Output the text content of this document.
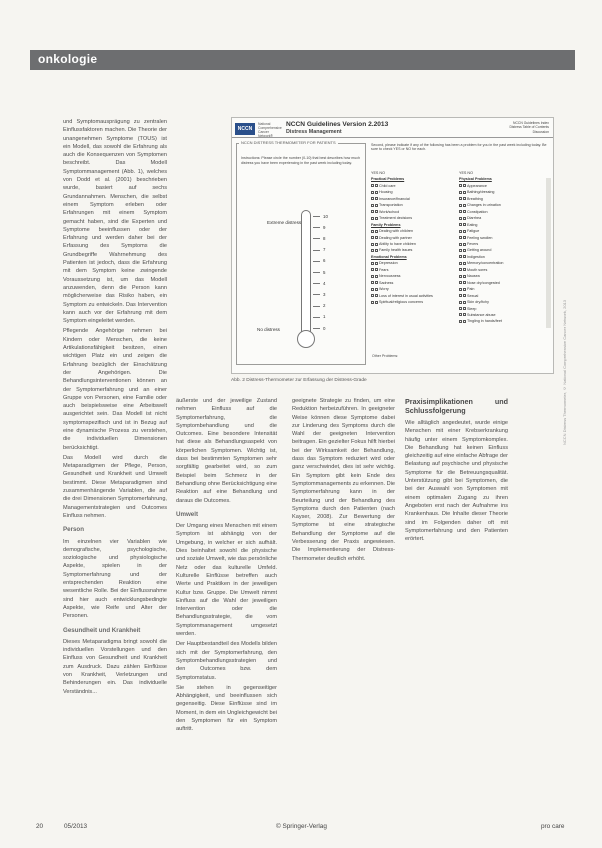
onkologie

und Symptomausprägung zu zentralen Einflussfaktoren machen. Die Theorie der unangenehmen Symptome (TOUS) ist ein Modell, das sowohl die Erfahrung als auch die Konsequenzen von Symptomen beschreibt. Das Modell Symptommanagement (Abb. 1), welches von Dodd et al. (2001) beschrieben wurde, basiert auf sechs Grundannahmen. Menschen, die selbst einem Symptom erleben oder Erfahrungen mit einem Symptom gemacht haben, sind die Experten und Symptome beeinflussen oder der Erfahrung und werden daher bei der Erfassung des Symptoms die Grundbegriffe Wahrnehmung des Patienten ist jedoch, dass die Erfahrung mit dem Symptom keine zwingende Voraussetzung ist, um das Modell anzuwenden, denn die Person kann möglicherweise das Risiko haben, ein Symptom zu entwickeln. Das Intervention kann auch vor der Erfahrung mit dem Symptom eingeleitet werden.

Pflegende Angehörige nehmen bei Kindern oder Menschen, die keine Artikulationsfähigkeit besitzen, einen wichtigen Platz ein und zeigen die Erfahrung bezüglich der Einschätzung der Angehörigen. Die Behandlungsinterventionen können an der Symptomerfahrung und an einer Gruppe von Personen, eine Familie oder auch beispielsweise eine Arbeitswelt ausgerichtet sein. Das Modell ist nicht symptomspezifisch und ist in Bezug auf eine dynamische Prozess zu verstehen, die individuellen Dimensionen berücksichtigt.

Das Modell wird durch die Metaparadigmen der Pflege, Person, Gesundheit und Krankheit und Umwelt bestimmt. Diese Metaparadigmen sind zusammenhängende Variablen, die auf die drei Dimensionen Symptomerfahrung, Managementstrategien und Outcomes Einfluss nehmen.

Person

Im einzelnen vier Variablen wie demografische, psychologische, soziologische und physiologische Aspekte, spielen in der Symptomerfahrung und der entsprechenden Reaktion eine wesentliche Rolle. Bei der Einflussnahme sind hier auch entwicklungsbedingte Aspekte, wie Reife und Alter der Personen.

Gesundheit und Krankheit

Dieses Metaparadigma bringt sowohl die individuellen Vorstellungen und den Einfluss von Gesundheit und Krankheit zum Ausdruck. Dazu zählen Einflüsse von Krankheit, Verletzungen und Behinderungen ein. Das individuelle Verständnis...

NCCN
National
Comprehensive
Cancer
Network®
NCCN Guidelines Version 2.2013
Distress Management
NCCN Guidelines Index
Distress Table of Contents
Discussion
NCCN DISTRESS THERMOMETER FOR PATIENTS
Instructions: Please circle the number (0-10) that best describes how much distress you have been experiencing in the past week including today.
Extreme distress
No distress
10
9
8
7
6
5
4
3
2
1
0
Second, please indicate if any of the following has been a problem for you in the past week including today. Be sure to check YES or NO for each.
YES NO
Practical Problems
Child care
Housing
Insurance/financial
Transportation
Work/school
Treatment decisions
Family Problems
Dealing with children
Dealing with partner
Ability to have children
Family health issues
Emotional Problems
Depression
Fears
Nervousness
Sadness
Worry
Loss of interest in usual activities
Spiritual/religious concerns
YES NO
Physical Problems
Appearance
Bathing/dressing
Breathing
Changes in urination
Constipation
Diarrhea
Eating
Fatigue
Feeling swollen
Fevers
Getting around
Indigestion
Memory/concentration
Mouth sores
Nausea
Nose dry/congested
Pain
Sexual
Skin dry/itchy
Sleep
Substance abuse
Tingling in hands/feet
Other Problems:
Abb. 2 Distress-Thermometer zur Erfassung der Distress-Grade	NCCN Distress Thermometer, © National Comprehensive Cancer Network, 2013

äußerste und der jeweilige Zustand nehmen Einfluss auf die Symptomerfahrung, die Symptombehandlung und die Outcomes. Eine besondere Intensität hat diese als Behandlungsaspekt von körperlichen Symptomen. Wichtig ist, dass bei bestimmten Symptomen sehr sorgfältig gearbeitet wird, so zum Beispiel beim Schmerz in der Behandlung ohne Berücksichtigung eine Reaktion auf eine Behandlung und daraus die Outcomes.

Umwelt

Der Umgang eines Menschen mit einem Symptom ist abhängig von der Umgebung, in welcher er sich aufhält. Dies beinhaltet sowohl die physische und soziale Umwelt, wie das persönliche Netz oder das kulturelle Umfeld. Kulturelle Einflüsse betreffen auch Werte und Praktiken in der jeweiligen Kultur bzw. Gruppe. Die Umwelt nimmt Einfluss auf die Wahl der jeweiligen Intervention oder die Behandlungsstrategie, die vom Symptommanagement umgesetzt werden.

Der Hauptbestandteil des Modells bilden sich mit der Symptomerfahrung, den Symptombehandlungsstrategien und den Outcomes bzw. dem Symptomstatus.

Sie stehen in gegenseitiger Abhängigkeit, und beeinflussen sich gegenseitig. Diese Einflüsse sind im Moment, in dem ein Ungleichgewicht bei den Symptomen für ein Symptom auftritt.

geeignete Strategie zu finden, um eine Reduktion herbeizuführen. In geeigneter Weise können diese Symptome dabei zur Linderung des Symptoms durch die Wahl der geeigneten Intervention beitragen. Ein gezielter Fokus hilft hierbei bei der Wirksamkeit der Behandlung, dass das Symptom reduziert wird oder ganz verschwindet, dies ist sehr wichtig. Ein Symptom gibt kein Ende des Symptommanagements zu erkennen. Die Symptomerfahrung kann in der Beurteilung und der Behandlung des Symptoms durch den Patienten (nach Kayser, 2008). Zur Bewertung der Symptome ist eine strategische Behandlung der Symptome auf die Verbesserung der Praxis angewiesen. Die Implementierung der Distress-Thermometer deutlich erhöht.

Praxisimplikationen und Schlussfolgerung

Wie alltäglich angedeutet, wurde einige Menschen mit einer Krebserkrankung häufig unter einem Symptomkomplex. Die Behandlung hat keinen Einfluss gleichzeitig auf eine einfache Abfrage der Belastung auf psychische und physische Symptome für die Betreuungsqualität. Unterstützung gibt bei Symptomen, die bei der Auswahl von Symptomen mit einem optimalen Zugang zu ihren Angeboten erst nach der Aufnahme ins Krankenhaus. Die Inhalte dieser Theorie sind im Folgenden daher oft mit Symptomerfahrung und den Patienten erörtert.

20	05/2013	© Springer-Verlag	pro care
